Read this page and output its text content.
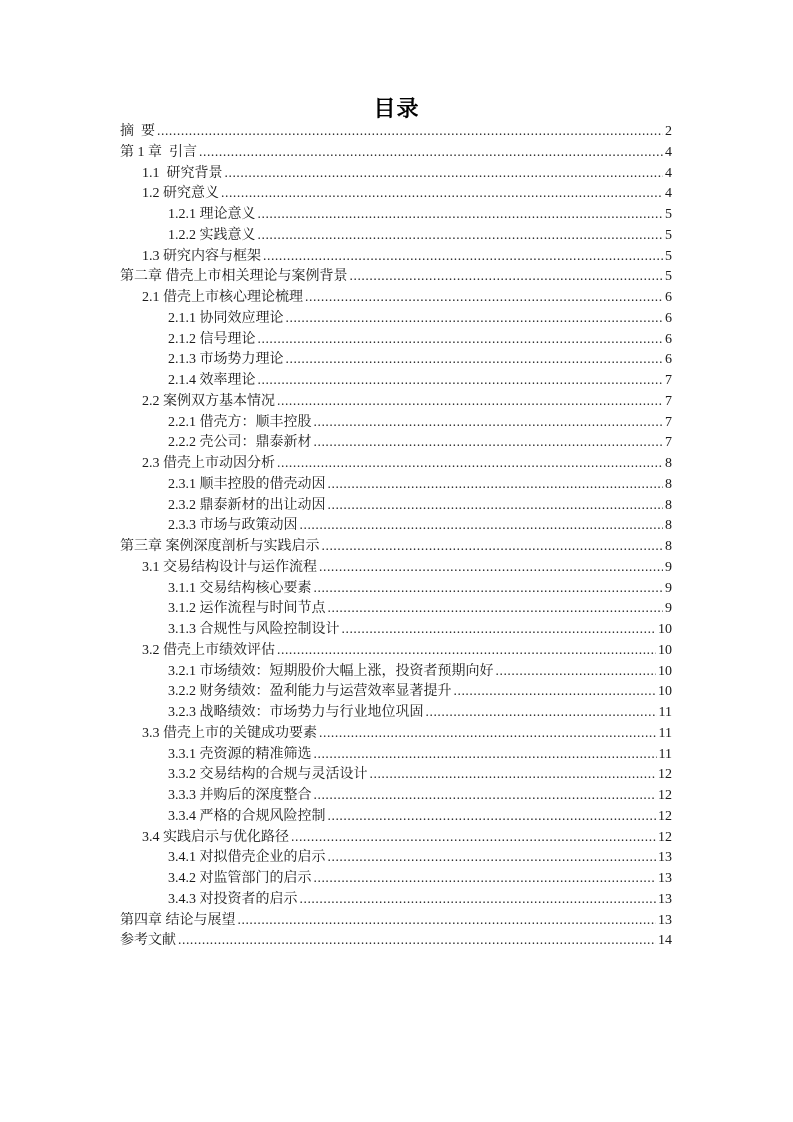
目录
摘  要 .....	2
第 1 章  引言 .....	4
1.1  研究背景 .....	4
1.2 研究意义 .....	4
1.2.1 理论意义 .....	5
1.2.2 实践意义 .....	5
1.3 研究内容与框架 .....	5
第二章 借壳上市相关理论与案例背景 .....	5
2.1 借壳上市核心理论梳理 .....	6
2.1.1 协同效应理论 .....	6
2.1.2 信号理论 .....	6
2.1.3 市场势力理论 .....	6
2.1.4 效率理论 .....	7
2.2 案例双方基本情况 .....	7
2.2.1 借壳方：顺丰控股 .....	7
2.2.2 壳公司：鼎泰新材 .....	7
2.3 借壳上市动因分析 .....	8
2.3.1 顺丰控股的借壳动因 .....	8
2.3.2 鼎泰新材的出让动因 .....	8
2.3.3 市场与政策动因 .....	8
第三章 案例深度剖析与实践启示 .....	8
3.1 交易结构设计与运作流程 .....	9
3.1.1 交易结构核心要素 .....	9
3.1.2 运作流程与时间节点 .....	9
3.1.3 合规性与风险控制设计 .....	10
3.2 借壳上市绩效评估 .....	10
3.2.1 市场绩效：短期股价大幅上涨，投资者预期向好 .....	10
3.2.2 财务绩效：盈利能力与运营效率显著提升 .....	10
3.2.3 战略绩效：市场势力与行业地位巩固 .....	11
3.3 借壳上市的关键成功要素 .....	11
3.3.1 壳资源的精准筛选 .....	11
3.3.2 交易结构的合规与灵活设计 .....	12
3.3.3 并购后的深度整合 .....	12
3.3.4 严格的合规风险控制 .....	12
3.4 实践启示与优化路径 .....	12
3.4.1 对拟借壳企业的启示 .....	13
3.4.2 对监管部门的启示 .....	13
3.4.3 对投资者的启示 .....	13
第四章 结论与展望 .....	13
参考文献 .....	14
